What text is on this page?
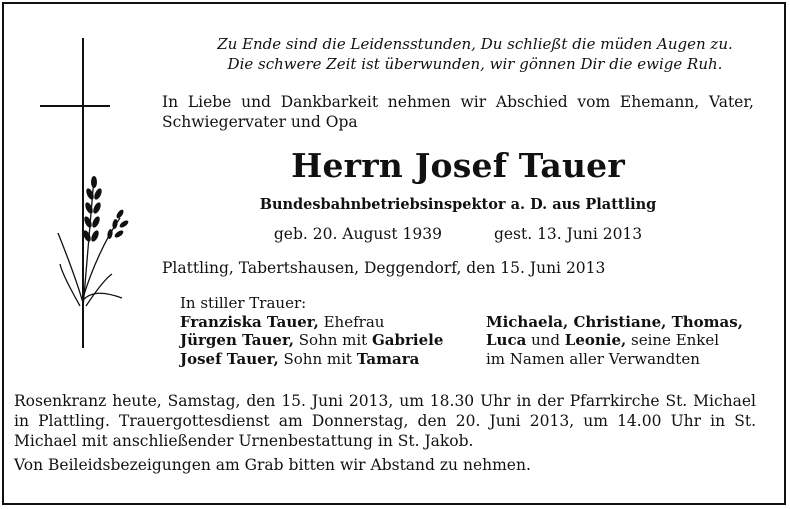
Zu Ende sind die Leidensstunden, Du schließt die müden Augen zu.
Die schwere Zeit ist überwunden, wir gönnen Dir die ewige Ruh.
In Liebe und Dankbarkeit nehmen wir Abschied vom Ehemann, Vater, Schwiegervater und Opa
Herrn Josef Tauer
Bundesbahnbetriebsinspektor a. D. aus Plattling
geb. 20. August 1939	gest. 13. Juni 2013
Plattling, Tabertshausen, Deggendorf, den 15. Juni 2013
In stiller Trauer:
Franziska Tauer, Ehefrau	Michaela, Christiane, Thomas,
Jürgen Tauer, Sohn mit Gabriele	Luca und Leonie, seine Enkel
Josef Tauer, Sohn mit Tamara	im Namen aller Verwandten
Rosenkranz heute, Samstag, den 15. Juni 2013, um 18.30 Uhr in der Pfarrkirche St. Michael in Plattling. Trauergottesdienst am Donnerstag, den 20. Juni 2013, um 14.00 Uhr in St. Michael mit anschließender Urnenbestattung in St. Jakob.
Von Beileidsbezeigungen am Grab bitten wir Abstand zu nehmen.
